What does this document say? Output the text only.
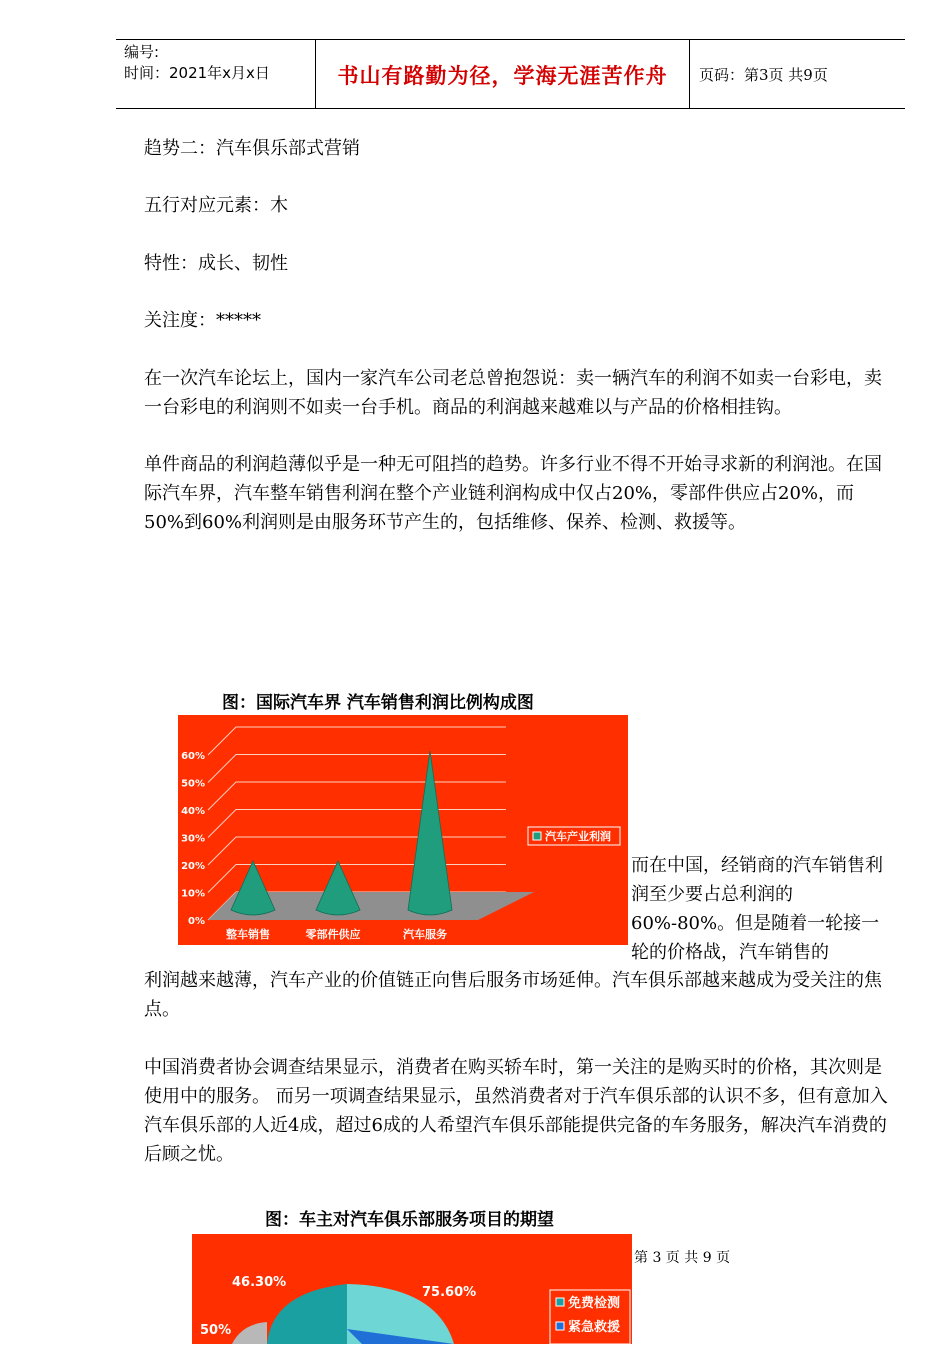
编号:
时间：2021年x月x日	书山有路勤为径，学海无涯苦作舟	页码：第3页 共9页

趋势二：汽车俱乐部式营销

五行对应元素：木

特性：成长、韧性

关注度：*****

在一次汽车论坛上，国内一家汽车公司老总曾抱怨说：卖一辆汽车的利润不如卖一台彩电，卖一台彩电的利润则不如卖一台手机。商品的利润越来越难以与产品的价格相挂钩。

单件商品的利润趋薄似乎是一种无可阻挡的趋势。许多行业不得不开始寻求新的利润池。在国际汽车界，汽车整车销售利润在整个产业链利润构成中仅占20%，零部件供应占20%，而50%到60%利润则是由服务环节产生的，包括维修、保养、检测、救援等。

图：国际汽车界 汽车销售利润比例构成图
0%
10%
20%
30%
40%
50%
60%
整车销售	零部件供应	汽车服务
汽车产业利润
而在中国，经销商的汽车销售利润至少要占总利润的60%-80%。但是随着一轮接一轮的价格战，汽车销售的

利润越来越薄，汽车产业的价值链正向售后服务市场延伸。汽车俱乐部越来越成为受关注的焦点。

中国消费者协会调查结果显示，消费者在购买轿车时，第一关注的是购买时的价格，其次则是使用中的服务。 而另一项调查结果显示，虽然消费者对于汽车俱乐部的认识不多，但有意加入汽车俱乐部的人近4成，超过6成的人希望汽车俱乐部能提供完备的车务服务，解决汽车消费的后顾之忧。

图：车主对汽车俱乐部服务项目的期望
46.30%
75.60%
50%
免费检测
紧急救援
第 3 页 共 9 页
